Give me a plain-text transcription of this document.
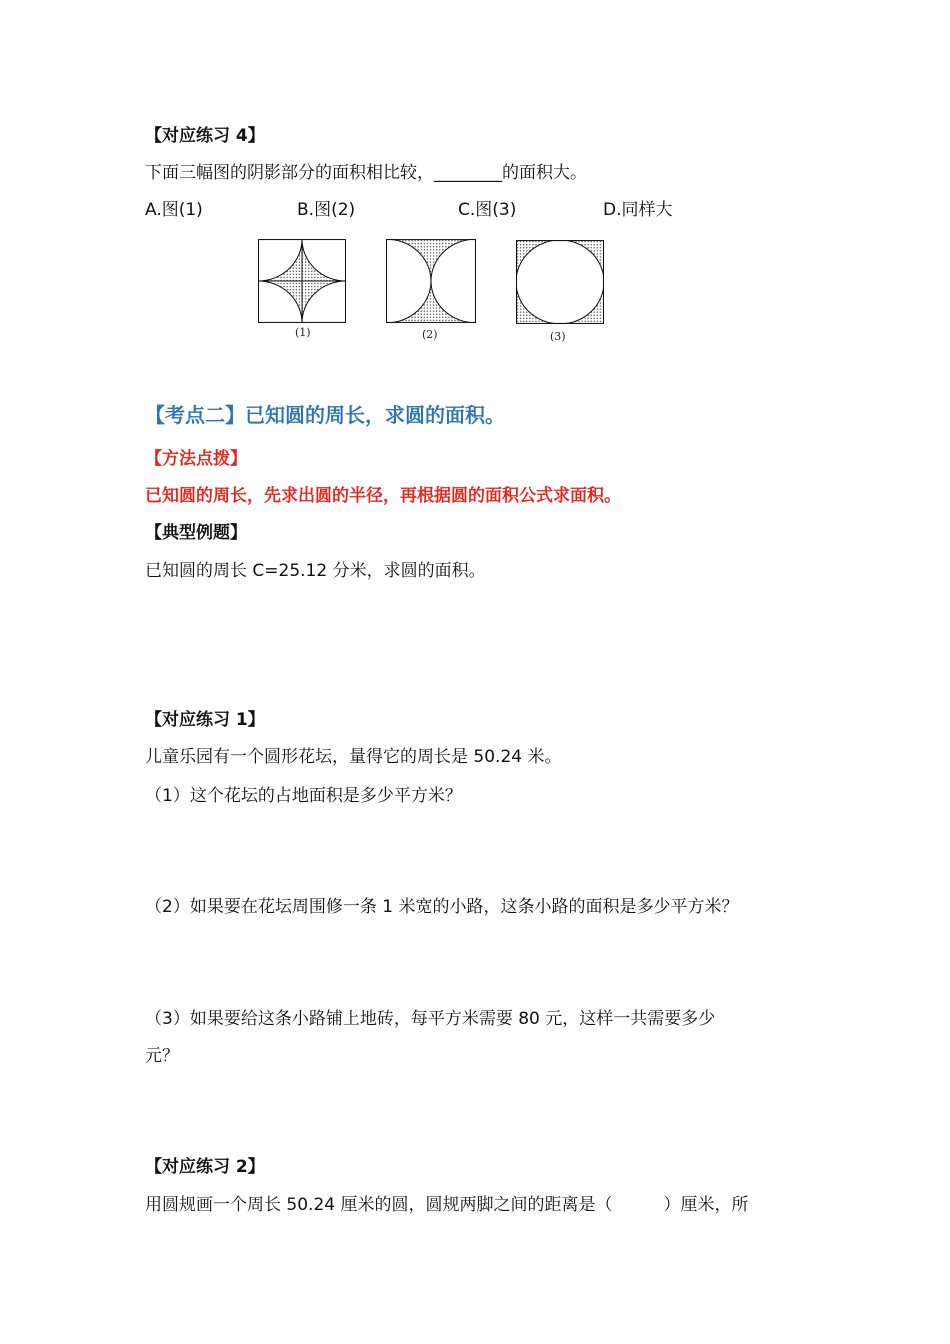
【对应练习 4】
下面三幅图的阴影部分的面积相比较，________的面积大。
A.图(1)	B.图(2)	C.图(3)	D.同样大
(1)	(2)	(3)
【考点二】已知圆的周长，求圆的面积。
【方法点拨】
已知圆的周长，先求出圆的半径，再根据圆的面积公式求面积。
【典型例题】
已知圆的周长 C=25.12 分米，求圆的面积。
【对应练习 1】
儿童乐园有一个圆形花坛，量得它的周长是 50.24 米。
（1）这个花坛的占地面积是多少平方米？
（2）如果要在花坛周围修一条 1 米宽的小路，这条小路的面积是多少平方米？
（3）如果要给这条小路铺上地砖，每平方米需要 80 元，这样一共需要多少
元？
【对应练习 2】
用圆规画一个周长 50.24 厘米的圆，圆规两脚之间的距离是（　　　）厘米，所
